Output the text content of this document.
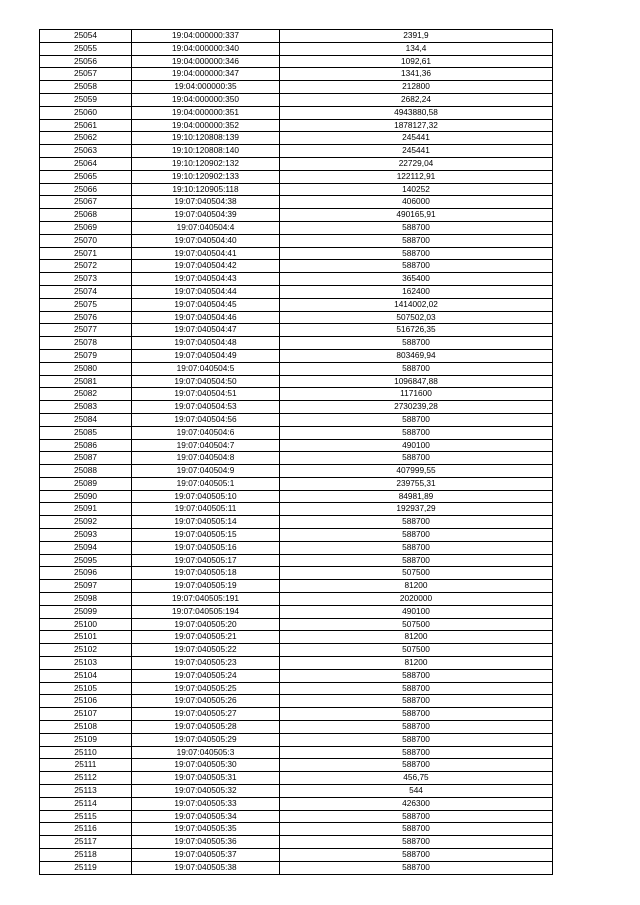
25054	19:04:000000:337	2391,9
25055	19:04:000000:340	134,4
25056	19:04:000000:346	1092,61
25057	19:04:000000:347	1341,36
25058	19:04:000000:35	212800
25059	19:04:000000:350	2682,24
25060	19:04:000000:351	4943880,58
25061	19:04:000000:352	1878127,32
25062	19:10:120808:139	245441
25063	19:10:120808:140	245441
25064	19:10:120902:132	22729,04
25065	19:10:120902:133	122112,91
25066	19:10:120905:118	140252
25067	19:07:040504:38	406000
25068	19:07:040504:39	490165,91
25069	19:07:040504:4	588700
25070	19:07:040504:40	588700
25071	19:07:040504:41	588700
25072	19:07:040504:42	588700
25073	19:07:040504:43	365400
25074	19:07:040504:44	162400
25075	19:07:040504:45	1414002,02
25076	19:07:040504:46	507502,03
25077	19:07:040504:47	516726,35
25078	19:07:040504:48	588700
25079	19:07:040504:49	803469,94
25080	19:07:040504:5	588700
25081	19:07:040504:50	1096847,88
25082	19:07:040504:51	1171600
25083	19:07:040504:53	2730239,28
25084	19:07:040504:56	588700
25085	19:07:040504:6	588700
25086	19:07:040504:7	490100
25087	19:07:040504:8	588700
25088	19:07:040504:9	407999,55
25089	19:07:040505:1	239755,31
25090	19:07:040505:10	84981,89
25091	19:07:040505:11	192937,29
25092	19:07:040505:14	588700
25093	19:07:040505:15	588700
25094	19:07:040505:16	588700
25095	19:07:040505:17	588700
25096	19:07:040505:18	507500
25097	19:07:040505:19	81200
25098	19:07:040505:191	2020000
25099	19:07:040505:194	490100
25100	19:07:040505:20	507500
25101	19:07:040505:21	81200
25102	19:07:040505:22	507500
25103	19:07:040505:23	81200
25104	19:07:040505:24	588700
25105	19:07:040505:25	588700
25106	19:07:040505:26	588700
25107	19:07:040505:27	588700
25108	19:07:040505:28	588700
25109	19:07:040505:29	588700
25110	19:07:040505:3	588700
25111	19:07:040505:30	588700
25112	19:07:040505:31	456,75
25113	19:07:040505:32	544
25114	19:07:040505:33	426300
25115	19:07:040505:34	588700
25116	19:07:040505:35	588700
25117	19:07:040505:36	588700
25118	19:07:040505:37	588700
25119	19:07:040505:38	588700
